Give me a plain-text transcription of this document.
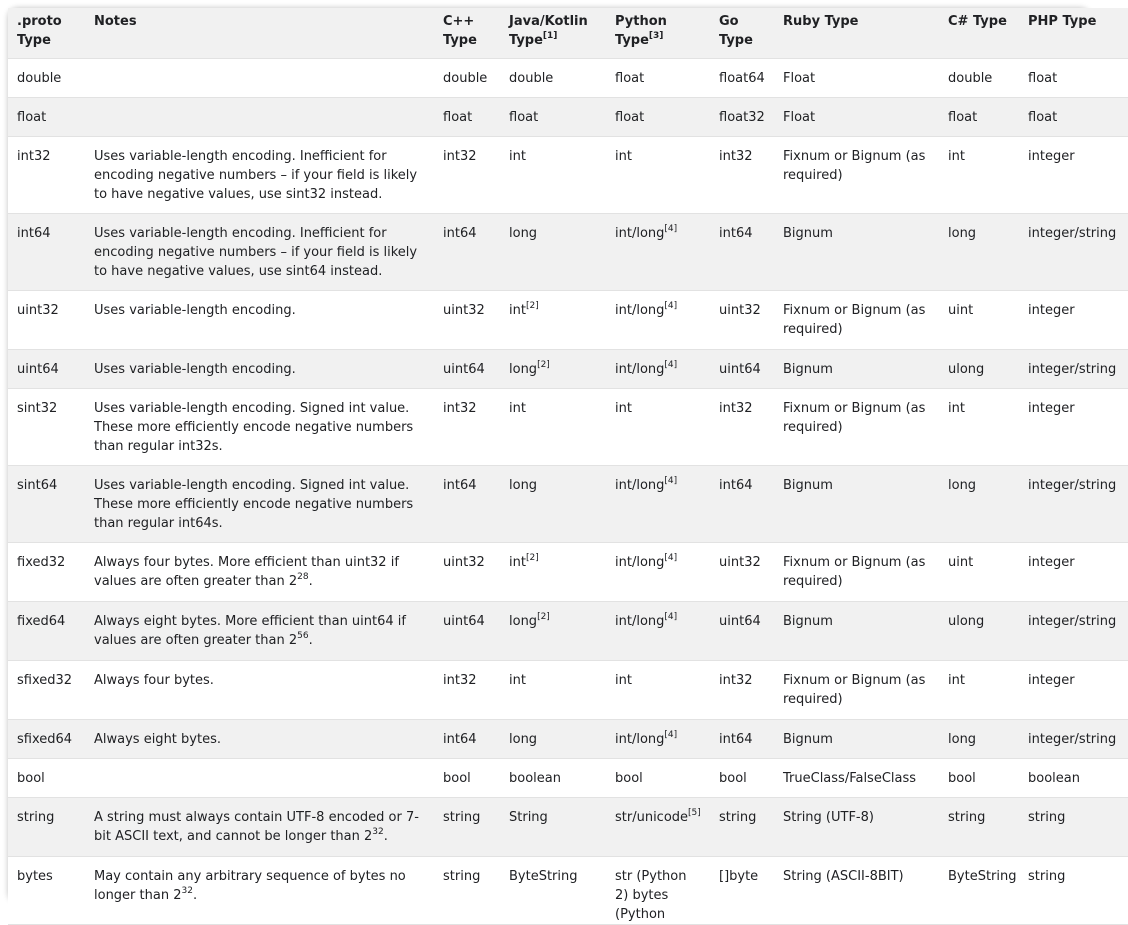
.proto Type	Notes	C++ Type	Java/Kotlin Type[1]	Python Type[3]	Go Type	Ruby Type	C# Type	PHP Type
double		double	double	float	float64	Float	double	float
float		float	float	float	float32	Float	float	float
int32	Uses variable-length encoding. Inefficient for encoding negative numbers – if your field is likely to have negative values, use sint32 instead.	int32	int	int	int32	Fixnum or Bignum (as required)	int	integer
int64	Uses variable-length encoding. Inefficient for encoding negative numbers – if your field is likely to have negative values, use sint64 instead.	int64	long	int/long[4]	int64	Bignum	long	integer/string
uint32	Uses variable-length encoding.	uint32	int[2]	int/long[4]	uint32	Fixnum or Bignum (as required)	uint	integer
uint64	Uses variable-length encoding.	uint64	long[2]	int/long[4]	uint64	Bignum	ulong	integer/string
sint32	Uses variable-length encoding. Signed int value. These more efficiently encode negative numbers than regular int32s.	int32	int	int	int32	Fixnum or Bignum (as required)	int	integer
sint64	Uses variable-length encoding. Signed int value. These more efficiently encode negative numbers than regular int64s.	int64	long	int/long[4]	int64	Bignum	long	integer/string
fixed32	Always four bytes. More efficient than uint32 if values are often greater than $2^{28}$.	uint32	int[2]	int/long[4]	uint32	Fixnum or Bignum (as required)	uint	integer
fixed64	Always eight bytes. More efficient than uint64 if values are often greater than $2^{56}$.	uint64	long[2]	int/long[4]	uint64	Bignum	ulong	integer/string
sfixed32	Always four bytes.	int32	int	int	int32	Fixnum or Bignum (as required)	int	integer
sfixed64	Always eight bytes.	int64	long	int/long[4]	int64	Bignum	long	integer/string
bool		bool	boolean	bool	bool	TrueClass/FalseClass	bool	boolean
string	A string must always contain UTF-8 encoded or 7-bit ASCII text, and cannot be longer than $2^{32}$.	string	String	str/unicode[5]	string	String (UTF-8)	string	string
bytes	May contain any arbitrary sequence of bytes no longer than $2^{32}$.	string	ByteString	str (Python 2) bytes (Python	[]byte	String (ASCII-8BIT)	ByteString	string
